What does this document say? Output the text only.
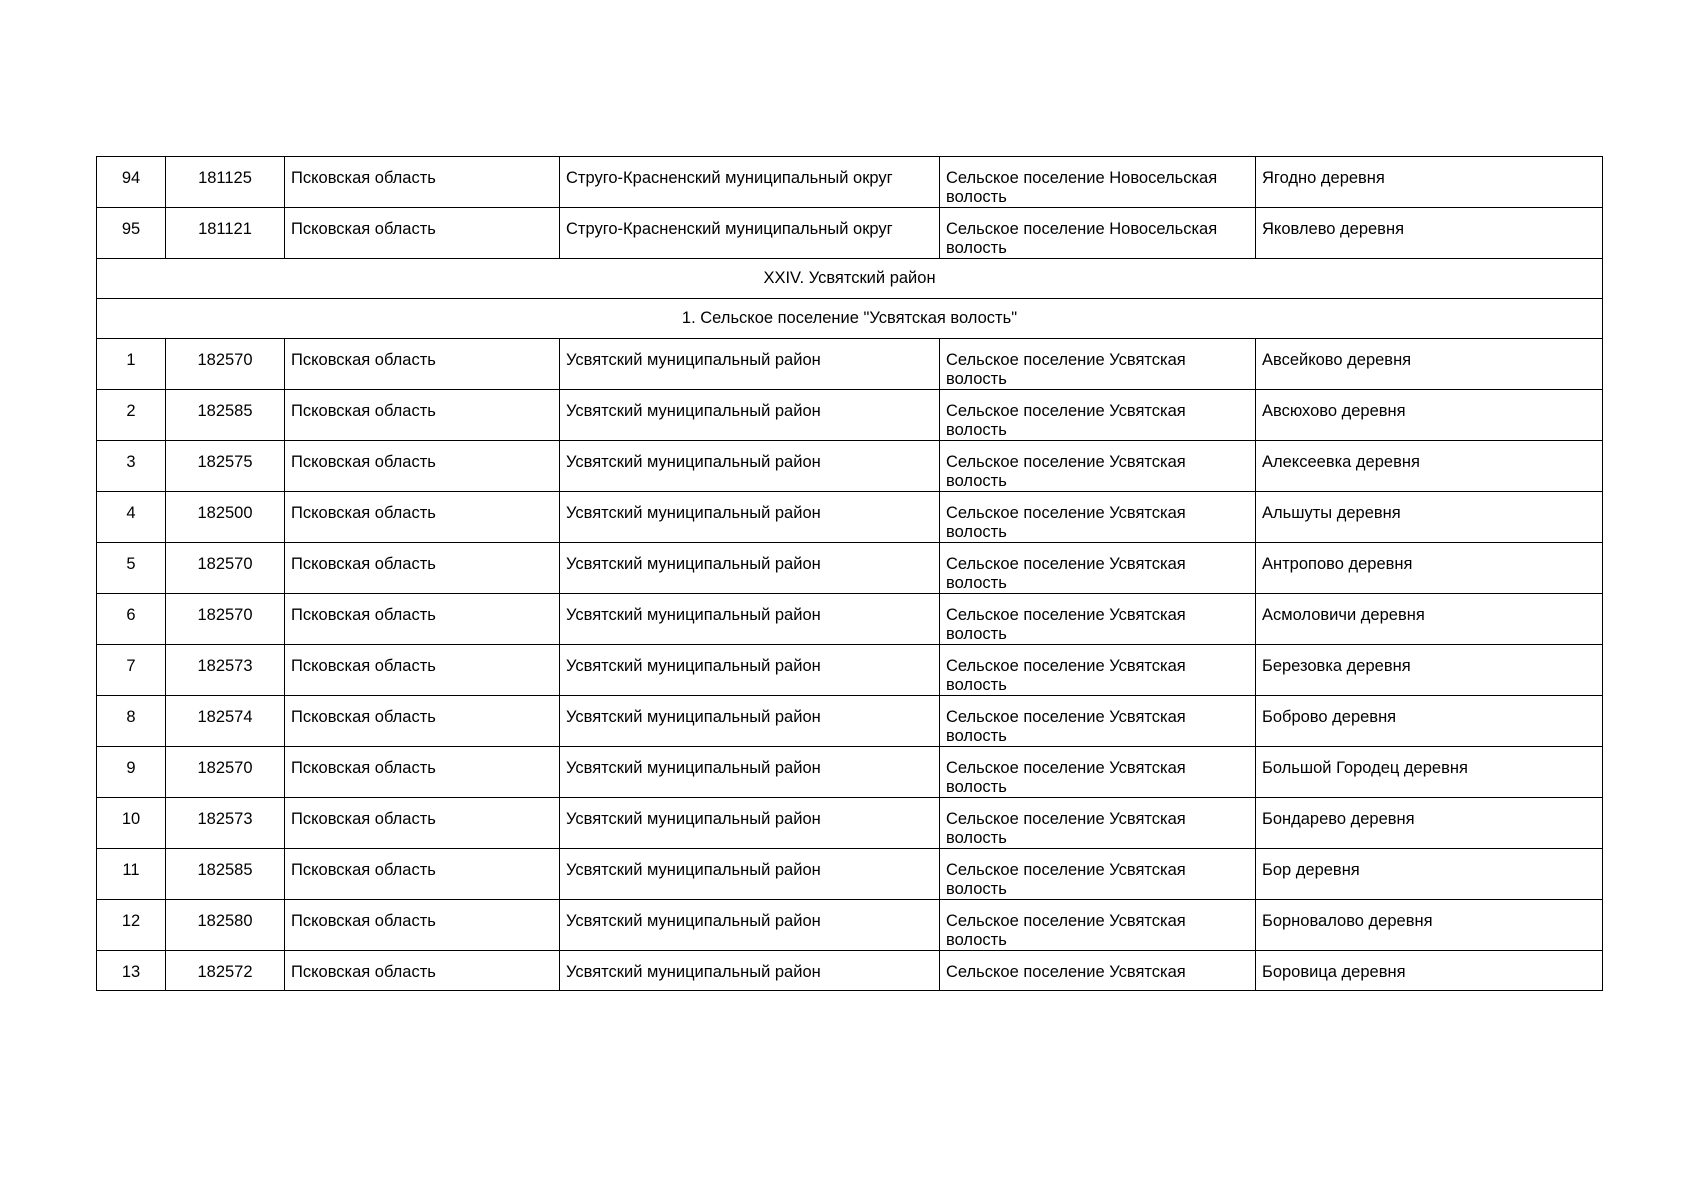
94	181125	Псковская область	Струго-Красненский муниципальный округ	Сельское поселение Новосельская волость	Ягодно деревня
95	181121	Псковская область	Струго-Красненский муниципальный округ	Сельское поселение Новосельская волость	Яковлево деревня
XXIV. Усвятский район					
1. Сельское поселение "Усвятская волость"					
1	182570	Псковская область	Усвятский муниципальный район	Сельское поселение Усвятская волость	Авсейково деревня
2	182585	Псковская область	Усвятский муниципальный район	Сельское поселение Усвятская волость	Авсюхово деревня
3	182575	Псковская область	Усвятский муниципальный район	Сельское поселение Усвятская волость	Алексеевка деревня
4	182500	Псковская область	Усвятский муниципальный район	Сельское поселение Усвятская волость	Альшуты деревня
5	182570	Псковская область	Усвятский муниципальный район	Сельское поселение Усвятская волость	Антропово деревня
6	182570	Псковская область	Усвятский муниципальный район	Сельское поселение Усвятская волость	Асмоловичи деревня
7	182573	Псковская область	Усвятский муниципальный район	Сельское поселение Усвятская волость	Березовка деревня
8	182574	Псковская область	Усвятский муниципальный район	Сельское поселение Усвятская волость	Боброво деревня
9	182570	Псковская область	Усвятский муниципальный район	Сельское поселение Усвятская волость	Большой Городец деревня
10	182573	Псковская область	Усвятский муниципальный район	Сельское поселение Усвятская волость	Бондарево деревня
11	182585	Псковская область	Усвятский муниципальный район	Сельское поселение Усвятская волость	Бор деревня
12	182580	Псковская область	Усвятский муниципальный район	Сельское поселение Усвятская волость	Борновалово деревня
13	182572	Псковская область	Усвятский муниципальный район	Сельское поселение Усвятская	Боровица деревня
